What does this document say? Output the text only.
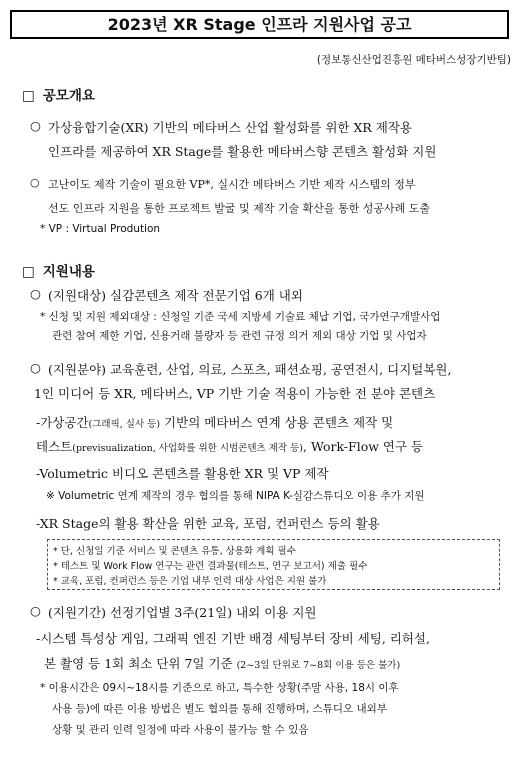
2023년 XR Stage 인프라 지원사업 공고
(정보통신산업진흥원 메타버스성장기반팀)
□ 공모개요
○ 가상융합기술(XR) 기반의 메타버스 산업 활성화를 위한 XR 제작용
인프라를 제공하여 XR Stage를 활용한 메타버스향 콘텐츠 활성화 지원
○ 고난이도 제작 기술이 필요한 VP*, 실시간 메타버스 기반 제작 시스템의 정부
선도 인프라 지원을 통한 프로젝트 발굴 및 제작 기술 확산을 통한 성공사례 도출
* VP : Virtual Prodution
□ 지원내용
○ (지원대상) 실감콘텐츠 제작 전문기업 6개 내외
* 신청 및 지원 제외대상 : 신청일 기준 국세 지방세 기술료 체납 기업, 국가연구개발사업
관련 참여 제한 기업, 신용거래 불량자 등 관련 규정 의거 제외 대상 기업 및 사업자
○ (지원분야) 교육훈련, 산업, 의료, 스포츠, 패션쇼핑, 공연전시, 디지털복원,
1인 미디어 등 XR, 메타버스, VP 기반 기술 적용이 가능한 전 분야 콘텐츠
-가상공간(그래픽, 실사 등) 기반의 메타버스 연계 상용 콘텐츠 제작 및
테스트(previsualization, 사업화를 위한 시범콘텐츠 제작 등), Work-Flow 연구 등
-Volumetric 비디오 콘텐츠를 활용한 XR 및 VP 제작
※ Volumetric 연계 제작의 경우 협의를 통해 NIPA K-실감스튜디오 이용 추가 지원
-XR Stage의 활용 확산을 위한 교육, 포럼, 컨퍼런스 등의 활용
* 단, 신청일 기준 서비스 및 콘텐츠 유통, 상용화 계획 필수
* 테스트 및 Work Flow 연구는 관련 결과물(테스트, 연구 보고서) 제출 필수
* 교육, 포럼, 컨퍼런스 등은 기업 내부 인력 대상 사업은 지원 불가
○ (지원기간) 선정기업별 3주(21일) 내외 이용 지원
-시스템 특성상 게임, 그래픽 엔진 기반 배경 세팅부터 장비 세팅, 리허설,
본 촬영 등 1회 최소 단위 7일 기준 (2~3일 단위로 7~8회 이용 등은 불가)
* 이용시간은 09시~18시를 기준으로 하고, 특수한 상황(주말 사용, 18시 이후
사용 등)에 따른 이용 방법은 별도 협의를 통해 진행하며, 스튜디오 내외부
상황 및 관리 인력 일정에 따라 사용이 불가능 할 수 있음
